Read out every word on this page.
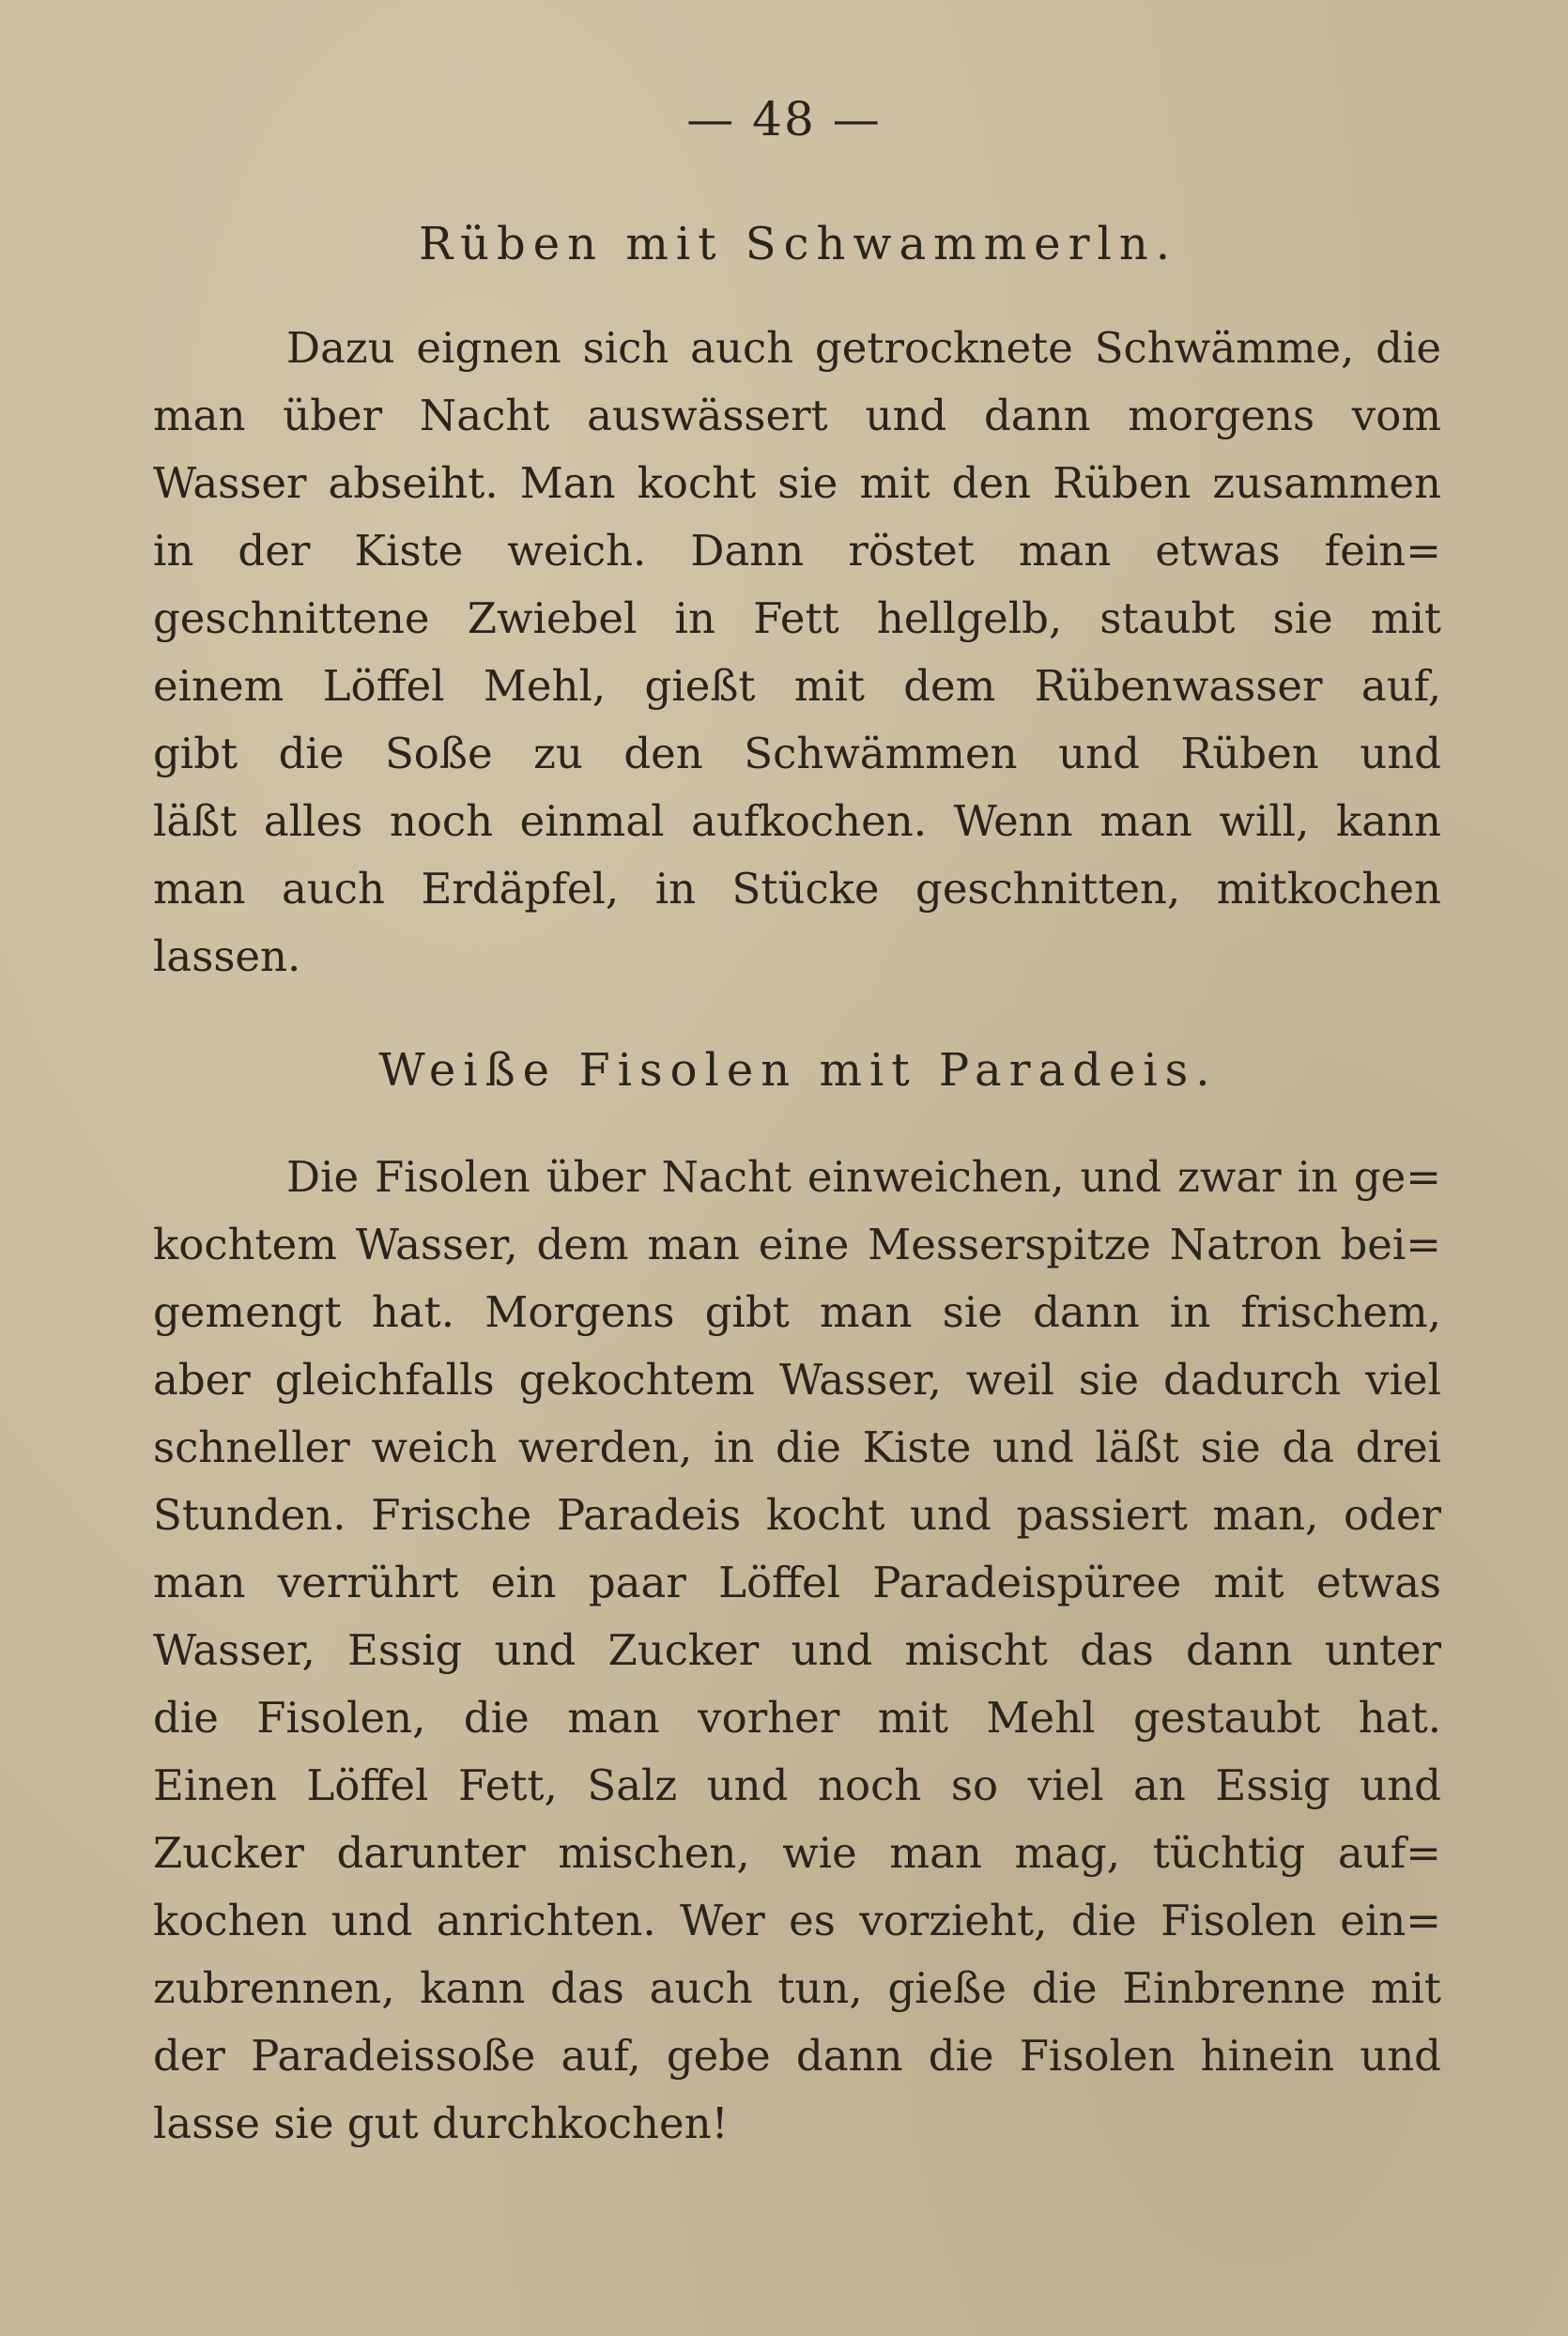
— 48 —
Rüben mit Schwammerln.
Dazu eignen sich auch getrocknete Schwämme, die
man über Nacht auswässert und dann morgens vom
Wasser abseiht. Man kocht sie mit den Rüben zusammen
in der Kiste weich. Dann röstet man etwas fein=
geschnittene Zwiebel in Fett hellgelb, staubt sie mit
einem Löffel Mehl, gießt mit dem Rübenwasser auf,
gibt die Soße zu den Schwämmen und Rüben und
läßt alles noch einmal aufkochen. Wenn man will, kann
man auch Erdäpfel, in Stücke geschnitten, mitkochen
lassen.
Weiße Fisolen mit Paradeis.
Die Fisolen über Nacht einweichen, und zwar in ge=
kochtem Wasser, dem man eine Messerspitze Natron bei=
gemengt hat. Morgens gibt man sie dann in frischem,
aber gleichfalls gekochtem Wasser, weil sie dadurch viel
schneller weich werden, in die Kiste und läßt sie da drei
Stunden. Frische Paradeis kocht und passiert man, oder
man verrührt ein paar Löffel Paradeispüree mit etwas
Wasser, Essig und Zucker und mischt das dann unter
die Fisolen, die man vorher mit Mehl gestaubt hat.
Einen Löffel Fett, Salz und noch so viel an Essig und
Zucker darunter mischen, wie man mag, tüchtig auf=
kochen und anrichten. Wer es vorzieht, die Fisolen ein=
zubrennen, kann das auch tun, gieße die Einbrenne mit
der Paradeissoße auf, gebe dann die Fisolen hinein und
lasse sie gut durchkochen!
